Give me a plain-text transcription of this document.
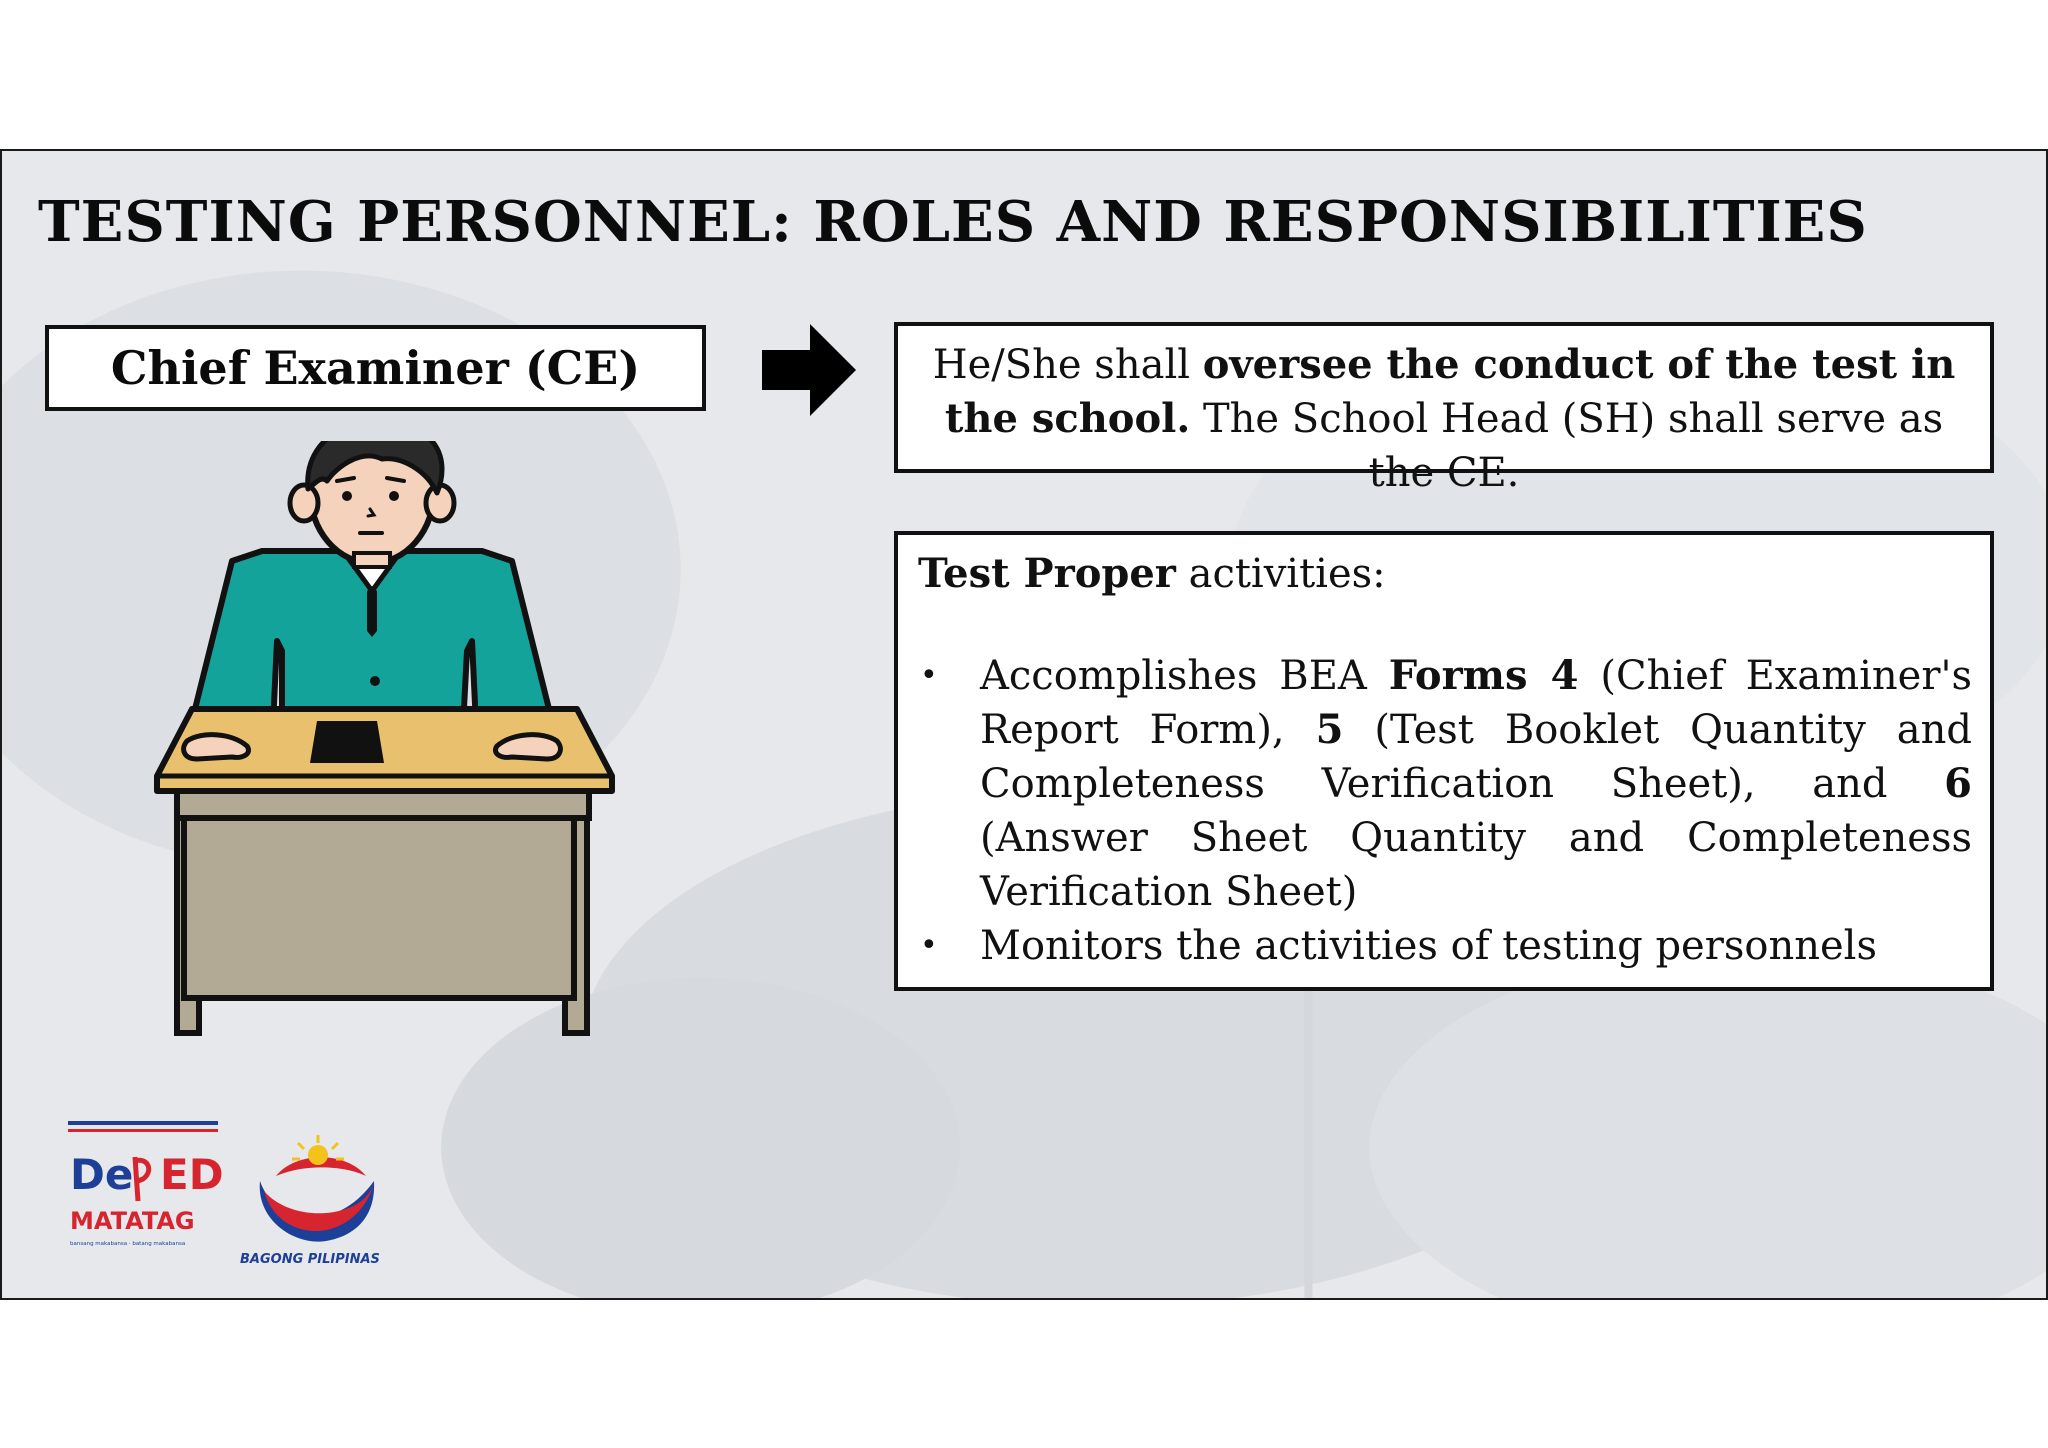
TESTING PERSONNEL: ROLES AND RESPONSIBILITIES
Chief Examiner (CE)	He/She shall oversee the conduct of the test in the school. The School Head (SH) shall serve as the CE.
Test Proper activities:
•	Accomplishes BEA Forms 4 (Chief Examiner's Report Form), 5 (Test Booklet Quantity and Completeness Verification Sheet), and 6 (Answer Sheet Quantity and Completeness Verification Sheet)
•	Monitors the activities of testing personnels
De ED
MATATAG
bansang makabansa · batang makabansa
BAGONG PILIPINAS
